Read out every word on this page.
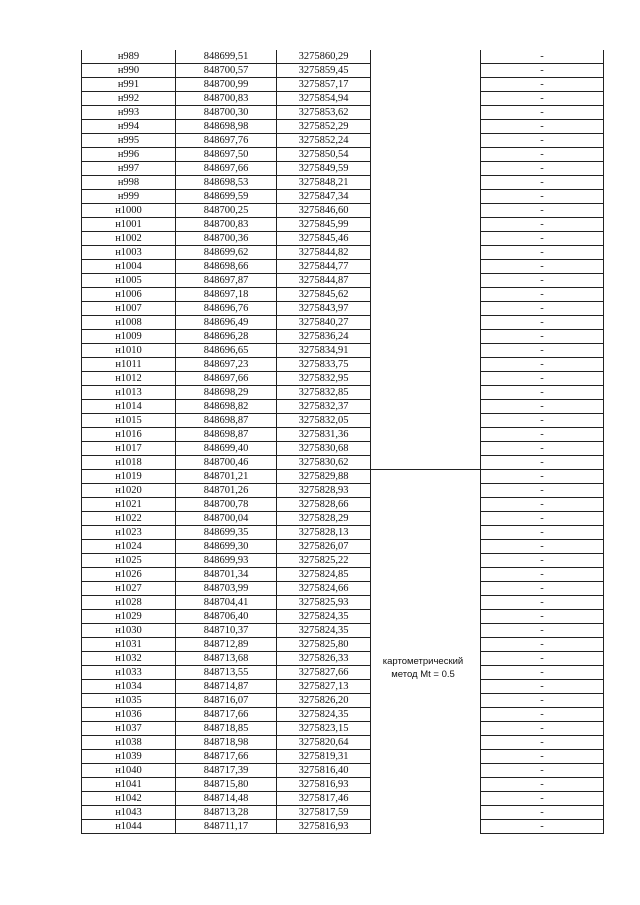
н989	848699,51	3275860,29		-
н990	848700,57	3275859,45		-
н991	848700,99	3275857,17		-
н992	848700,83	3275854,94		-
н993	848700,30	3275853,62		-
н994	848698,98	3275852,29		-
н995	848697,76	3275852,24		-
н996	848697,50	3275850,54		-
н997	848697,66	3275849,59		-
н998	848698,53	3275848,21		-
н999	848699,59	3275847,34		-
н1000	848700,25	3275846,60		-
н1001	848700,83	3275845,99		-
н1002	848700,36	3275845,46		-
н1003	848699,62	3275844,82		-
н1004	848698,66	3275844,77		-
н1005	848697,87	3275844,87		-
н1006	848697,18	3275845,62		-
н1007	848696,76	3275843,97		-
н1008	848696,49	3275840,27		-
н1009	848696,28	3275836,24		-
н1010	848696,65	3275834,91		-
н1011	848697,23	3275833,75		-
н1012	848697,66	3275832,95		-
н1013	848698,29	3275832,85		-
н1014	848698,82	3275832,37		-
н1015	848698,87	3275832,05		-
н1016	848698,87	3275831,36		-
н1017	848699,40	3275830,68		-
н1018	848700,46	3275830,62		-
н1019	848701,21	3275829,88		-
н1020	848701,26	3275828,93		-
н1021	848700,78	3275828,66		-
н1022	848700,04	3275828,29		-
н1023	848699,35	3275828,13		-
н1024	848699,30	3275826,07		-
н1025	848699,93	3275825,22		-
н1026	848701,34	3275824,85		-
н1027	848703,99	3275824,66		-
н1028	848704,41	3275825,93		-
н1029	848706,40	3275824,35		-
н1030	848710,37	3275824,35		-
н1031	848712,89	3275825,80		-
н1032	848713,68	3275826,33		-
н1033	848713,55	3275827,66		-
н1034	848714,87	3275827,13		-
н1035	848716,07	3275826,20		-
н1036	848717,66	3275824,35		-
н1037	848718,85	3275823,15		-
н1038	848718,98	3275820,64		-
н1039	848717,66	3275819,31		-
н1040	848717,39	3275816,40		-
н1041	848715,80	3275816,93		-
н1042	848714,48	3275817,46		-
н1043	848713,28	3275817,59		-
н1044	848711,17	3275816,93		-
картометрический
метод Mt = 0.5
